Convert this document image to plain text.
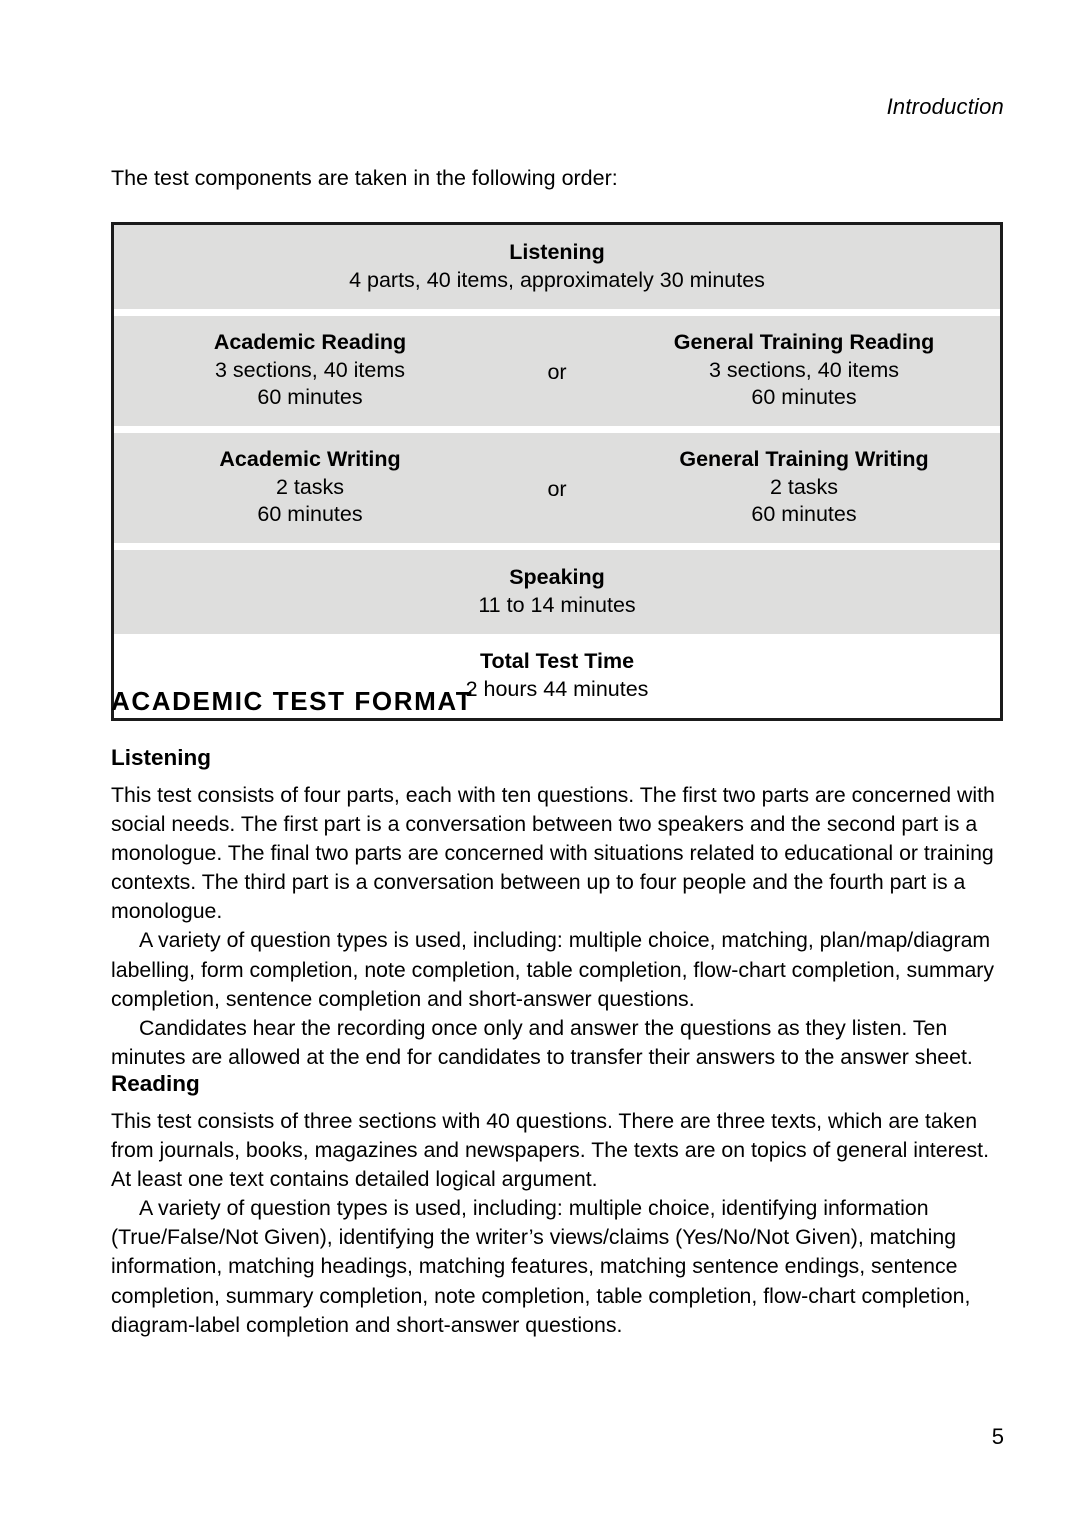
Introduction
The test components are taken in the following order:
Listening
4 parts, 40 items, approximately 30 minutes
Academic Reading
3 sections, 40 items
60 minutes
or
General Training Reading
3 sections, 40 items
60 minutes
Academic Writing
2 tasks
60 minutes
or
General Training Writing
2 tasks
60 minutes
Speaking
11 to 14 minutes
Total Test Time
2 hours 44 minutes
ACADEMIC TEST FORMAT
Listening

This test consists of four parts, each with ten questions. The first two parts are concerned with social needs. The first part is a conversation between two speakers and the second part is a monologue. The final two parts are concerned with situations related to educational or training contexts. The third part is a conversation between up to four people and the fourth part is a monologue.

A variety of question types is used, including: multiple choice, matching, plan/map/diagram labelling, form completion, note completion, table completion, flow-chart completion, summary completion, sentence completion and short-answer questions.

Candidates hear the recording once only and answer the questions as they listen. Ten minutes are allowed at the end for candidates to transfer their answers to the answer sheet.

Reading

This test consists of three sections with 40 questions. There are three texts, which are taken from journals, books, magazines and newspapers. The texts are on topics of general interest. At least one text contains detailed logical argument.

A variety of question types is used, including: multiple choice, identifying information (True/False/Not Given), identifying the writer’s views/claims (Yes/No/Not Given), matching information, matching headings, matching features, matching sentence endings, sentence completion, summary completion, note completion, table completion, flow-chart completion, diagram-label completion and short-answer questions.

5
